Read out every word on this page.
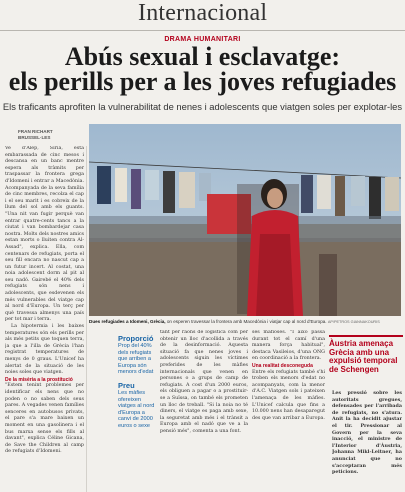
Internacional
DRAMA HUMANITARI
Abús sexual i esclavatge:
els perills per a les joves refugiades
Els traficants aprofiten la vulnerabilitat de nenes i adolescents que viatgen soles per explotar-les
FRAN RICHART
BRUSSEL·LES

Ve d'Alep, Síria, està embarassada de cinc mesos i descansa en un banc mentre espera als tràmits per traspassar la frontera grega d'Idomeni i entrar a Macedònia. Acompanyada de la seva família de cinc membres, recolza el cap i el seu marit i es cobreix de la llum del sol amb els guants. "Una nit van fugir perquè van entrar quatre-cents tancs a la ciutat i van bombardejar casa nostra. Molts dels nostres amics estan morts o lluiten contra Al-Assad", explica. Ella, com centenars de refugiats, porta el seu fill encara no nascut cap a un futur incert. Al costat, una noia adolescent dorm al pit al seu nadó. Gairebé el 40% dels refugiats són nens i adolescents, que esdevenen els més vulnerables del viatge cap al nord d'Europa. Un terç per què travessa almenys una país per tot mar i terra.

La hipotermia i les baixes temperatures són els perills per als més petits que toquen terra, ja que a l'illa de Grècia l'han registrat temperatures de menys de 0 graus. L'Unicef ha alertat de la situació de les noies soles que viatgen.

De la misèria a la prostitució

"Estem tenint problemes per identificar els nens que no poden o no saben dels seus pares. A vegades venen famílies senceres en autobusos privats, el pare s'a mare baixen un moment en una gasolinera i el bus marxa sense els fills al davant", explica Céline Gicana, de Save the Children al camp de refugiats d'Idomeni.

Dues refugiades a Idomeni, Grècia, on esperen travessar la frontera amb Macedònia i viatjar cap al nord d'Europa. AP/PETROS GIANNAKOURIS
Proporció
Prop del 40% dels refugiats que arriben a Europa són menors d'edat
Preu
Les màfies ofereixen viatges al nord d'Europa a canvi de 2000 euros o sexe

tant per raons de logística com per obtenir un lloc d'acollida a través de la desinformació. Aquesta situació fa que nenes joves i adolescents siguin les víctimes preferides de les màfies internacionals que venen en persones o a grups de camp de refugiats. A cost d'un 2000 euros, els obliguen a pagar o a prostituir-se a Suïssa, on també els prometen un lloc de treball. "Si la noia no té diners, el viatge es paga amb sexe, la seguretat amb més i el trànsit a Europa amb el nadó que ve a la pensió més", comenta a una font.

ses mafioses. "I això passa durant tot el camí d'una manera força habitual", destaca Vasileios, d'una ONG en coordinació a la frontera.

Una realitat desconeguda

Entre els refugiats també s'hi troben els menors d'edat no acompanyats, com la menor d'A.C. Viatgen sols i pateixen l'amenaça de les màfies. L'Unicef calcula que fins a 10.000 nens han desaparegut des que van arribar a Europa.

Àustria amenaça Grècia amb una expulsió temporal de Schengen

Les pressió sobre les autoritats gregues, defensades per l'arribada de refugiats, no s'atura. Anit la ha decidit ajustar el tir. Pressionar al Govern per la seva inacció, el ministre de l'Interior d'Àustria, Johanna Mikl-Leitner, ha anunciat que no s'acceptaran més peticions.
